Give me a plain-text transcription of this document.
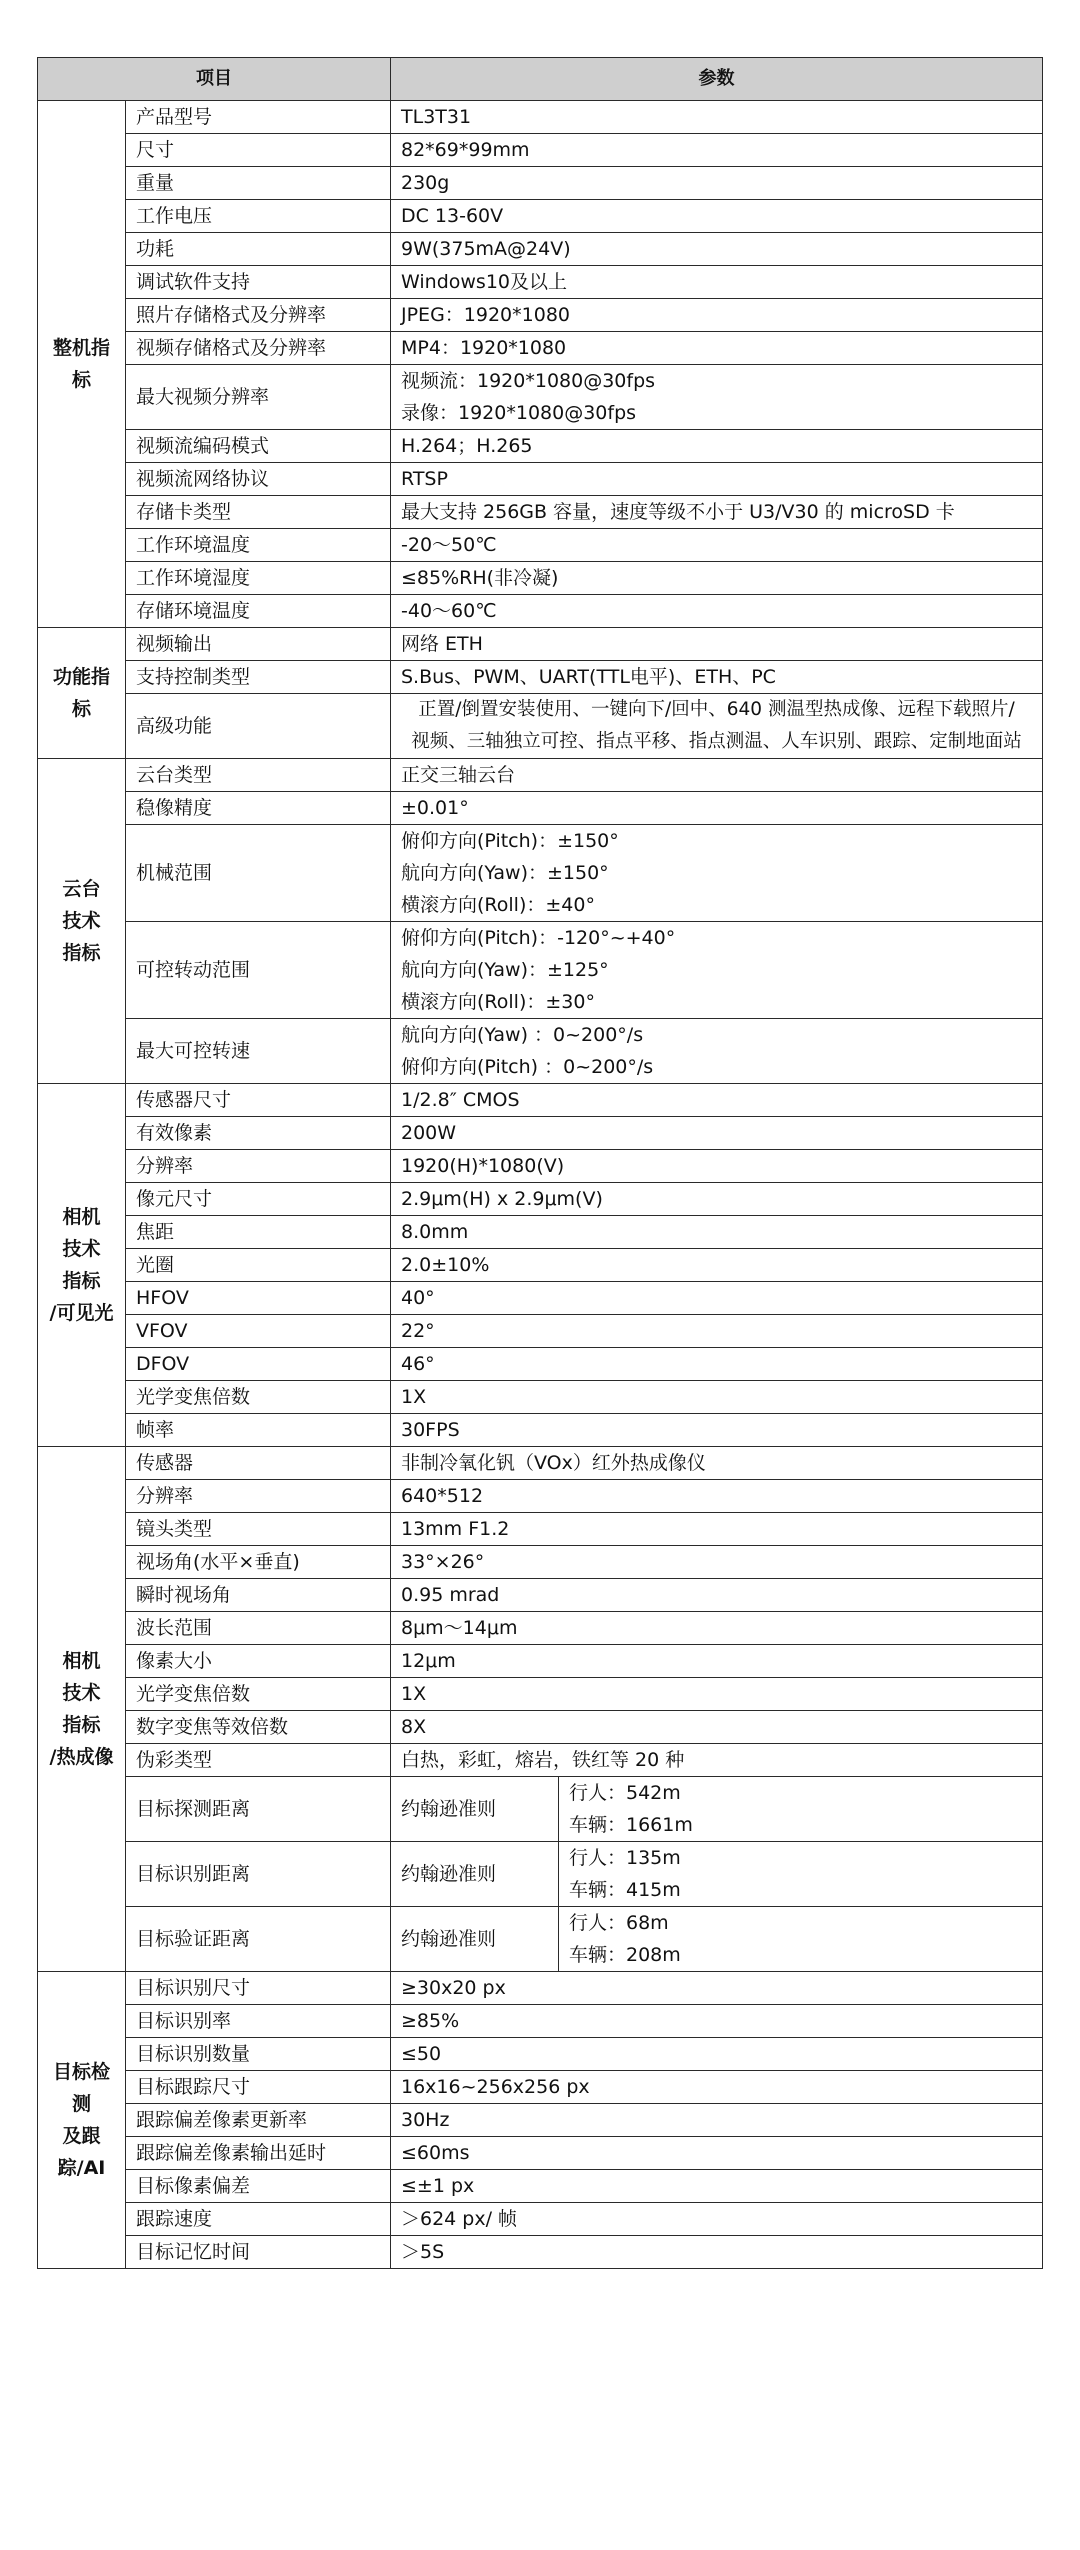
项目		参数	
整机指标	产品型号	TL3T31	
	尺寸	82*69*99mm	
	重量	230g	
	工作电压	DC 13-60V	
	功耗	9W(375mA@24V)	
	调试软件支持	Windows10及以上	
	照片存储格式及分辨率	JPEG：1920*1080	
	视频存储格式及分辨率	MP4：1920*1080	
	最大视频分辨率	视频流：1920*1080@30fps
录像：1920*1080@30fps	

	视频流编码模式	H.264；H.265	
	视频流网络协议	RTSP	
	存储卡类型	最大支持 256GB 容量，速度等级不小于 U3/V30 的 microSD 卡	
	工作环境温度	-20～50℃	
	工作环境湿度	≤85%RH(非冷凝)	
	存储环境温度	-40～60℃	
功能指标	视频输出	网络 ETH	
	支持控制类型	S.Bus、PWM、UART(TTL电平)、ETH、PC	
	高级功能	正置/倒置安装使用、一键向下/回中、640 测温型热成像、远程下载照片/
视频、三轴独立可控、指点平移、指点测温、人车识别、跟踪、定制地面站	

云台
技术
指标	云台类型	正交三轴云台	
	稳像精度	±0.01°	
	机械范围	俯仰方向(Pitch)：±150°
航向方向(Yaw)：±150°
横滚方向(Roll)：±40°	

	可控转动范围	俯仰方向(Pitch)：-120°~+40°
航向方向(Yaw)：±125°
横滚方向(Roll)：±30°	

	最大可控转速	航向方向(Yaw) ：0~200°/s
俯仰方向(Pitch) ：0~200°/s	

相机
技术
指标
/可见光	传感器尺寸	1/2.8″ CMOS	
	有效像素	200W	
	分辨率	1920(H)*1080(V)	
	像元尺寸	2.9μm(H) x 2.9μm(V)	
	焦距	8.0mm	
	光圈	2.0±10%	
	HFOV	40°	
	VFOV	22°	
	DFOV	46°	
	光学变焦倍数	1X	
	帧率	30FPS	

相机
技术
指标
/热成像	传感器	非制冷氧化钒（VOx）红外热成像仪	
	分辨率	640*512	
	镜头类型	13mm F1.2	
	视场角(水平×垂直)	33°×26°	
	瞬时视场角	0.95 mrad	
	波长范围	8μm～14μm	
	像素大小	12μm	
	光学变焦倍数	1X	
	数字变焦等效倍数	8X	
	伪彩类型	白热，彩虹，熔岩，铁红等 20 种	
	目标探测距离	约翰逊准则	行人：542m
车辆：1661m

	目标识别距离	约翰逊准则	行人：135m
车辆：415m

	目标验证距离	约翰逊准则	行人：68m
车辆：208m

目标检测
及跟踪/AI	目标识别尺寸	≥30x20 px	
	目标识别率	≥85%	
	目标识别数量	≤50	
	目标跟踪尺寸	16x16~256x256 px	
	跟踪偏差像素更新率	30Hz	
	跟踪偏差像素输出延时	≤60ms	
	目标像素偏差	≤±1 px	
	跟踪速度	＞624 px/ 帧	
	目标记忆时间	＞5S	
